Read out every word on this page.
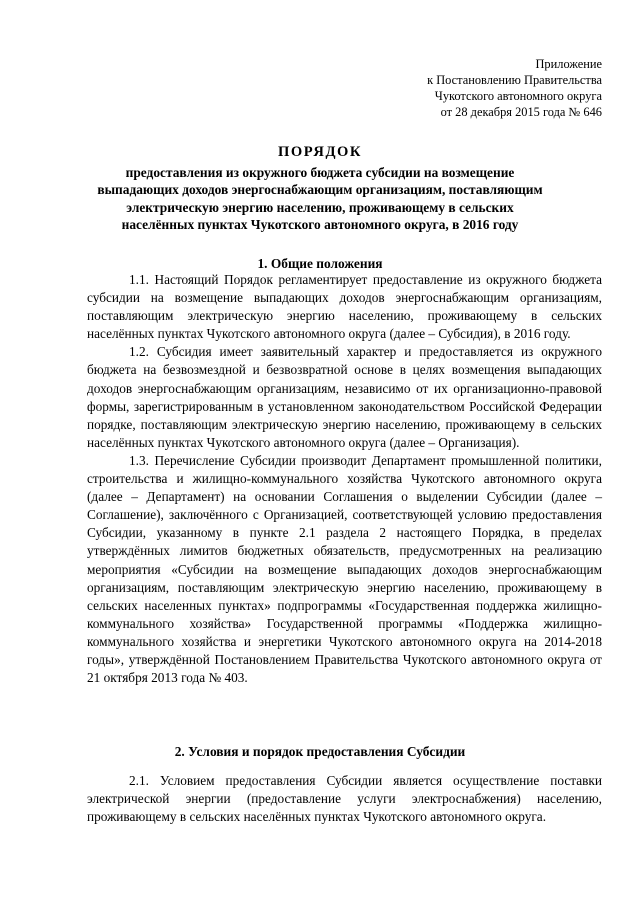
Приложение
к Постановлению Правительства
Чукотского автономного округа
от 28 декабря 2015 года № 646
ПОРЯДОК
предоставления из окружного бюджета субсидии на возмещение
выпадающих доходов энергоснабжающим организациям, поставляющим
электрическую энергию населению, проживающему в сельских
населённых пунктах Чукотского автономного округа, в 2016 году
1. Общие положения

1.1. Настоящий Порядок регламентирует предоставление из окружного бюджета субсидии на возмещение выпадающих доходов энергоснабжающим организациям, поставляющим электрическую энергию населению, проживающему в сельских населённых пунктах Чукотского автономного округа (далее – Субсидия), в 2016 году.

1.2. Субсидия имеет заявительный характер и предоставляется из окружного бюджета на безвозмездной и безвозвратной основе в целях возмещения выпадающих доходов энергоснабжающим организациям, независимо от их организационно-правовой формы, зарегистрированным в установленном законодательством Российской Федерации порядке, поставляющим электрическую энергию населению, проживающему в сельских населённых пунктах Чукотского автономного округа (далее – Организация).

1.3. Перечисление Субсидии производит Департамент промышленной политики, строительства и жилищно-коммунального хозяйства Чукотского автономного округа (далее – Департамент) на основании Соглашения о выделении Субсидии (далее – Соглашение), заключённого с Организацией, соответствующей условию предоставления Субсидии, указанному в пункте 2.1 раздела 2 настоящего Порядка, в пределах утверждённых лимитов бюджетных обязательств, предусмотренных на реализацию мероприятия «Субсидии на возмещение выпадающих доходов энергоснабжающим организациям, поставляющим электрическую энергию населению, проживающему в сельских населенных пунктах» подпрограммы «Государственная поддержка жилищно-коммунального хозяйства» Государственной программы «Поддержка жилищно-коммунального хозяйства и энергетики Чукотского автономного округа на 2014-2018 годы», утверждённой Постановлением Правительства Чукотского автономного округа от 21 октября 2013 года № 403.

2. Условия и порядок предоставления Субсидии

2.1. Условием предоставления Субсидии является осуществление поставки электрической энергии (предоставление услуги электроснабжения) населению, проживающему в сельских населённых пунктах Чукотского автономного округа.
